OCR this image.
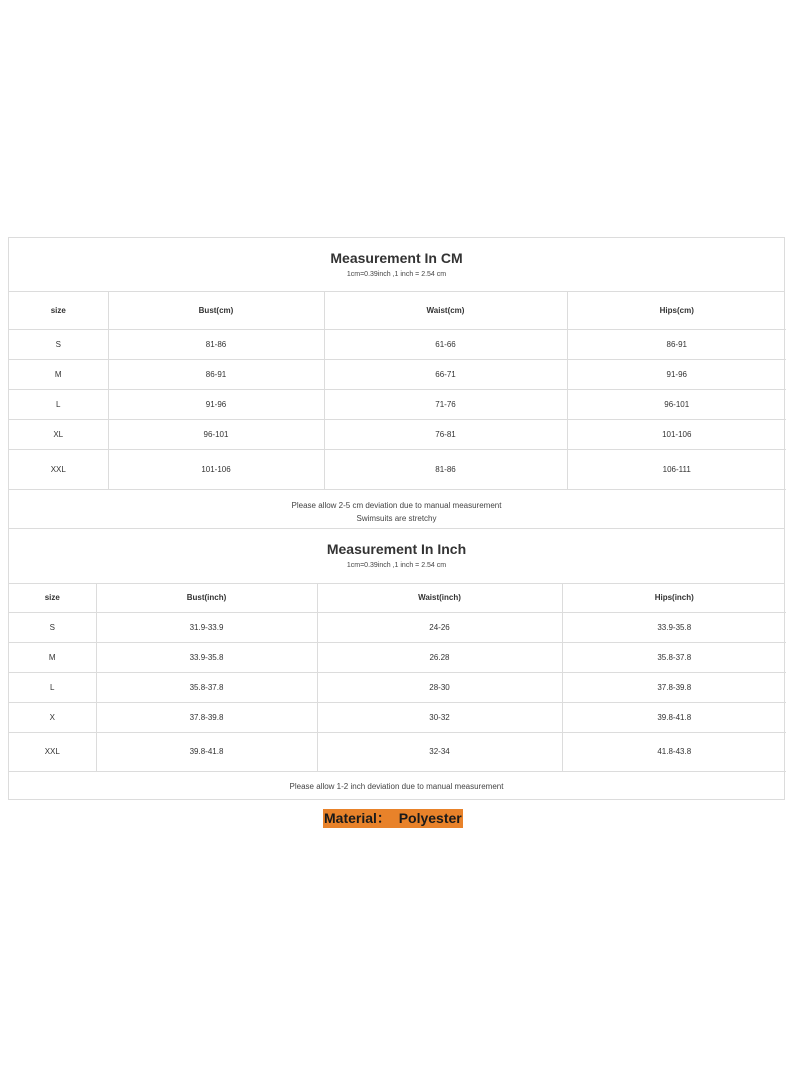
Measurement In CM
1cm=0.39inch ,1 inch = 2.54 cm
size	Bust(cm)	Waist(cm)	Hips(cm)
S	81-86	61-66	86-91
M	86-91	66-71	91-96
L	91-96	71-76	96-101
XL	96-101	76-81	101-106
XXL	101-106	81-86	106-111
Please allow 2-5 cm deviation due to manual measurement
Swimsuits are stretchy
Measurement In Inch
1cm=0.39inch ,1 inch = 2.54 cm
size	Bust(inch)	Waist(inch)	Hips(inch)
S	31.9-33.9	24-26	33.9-35.8
M	33.9-35.8	26.28	35.8-37.8
L	35.8-37.8	28-30	37.8-39.8
X	37.8-39.8	30-32	39.8-41.8
XXL	39.8-41.8	32-34	41.8-43.8
Please allow 1-2 inch deviation due to manual measurement
Material：  Polyester
